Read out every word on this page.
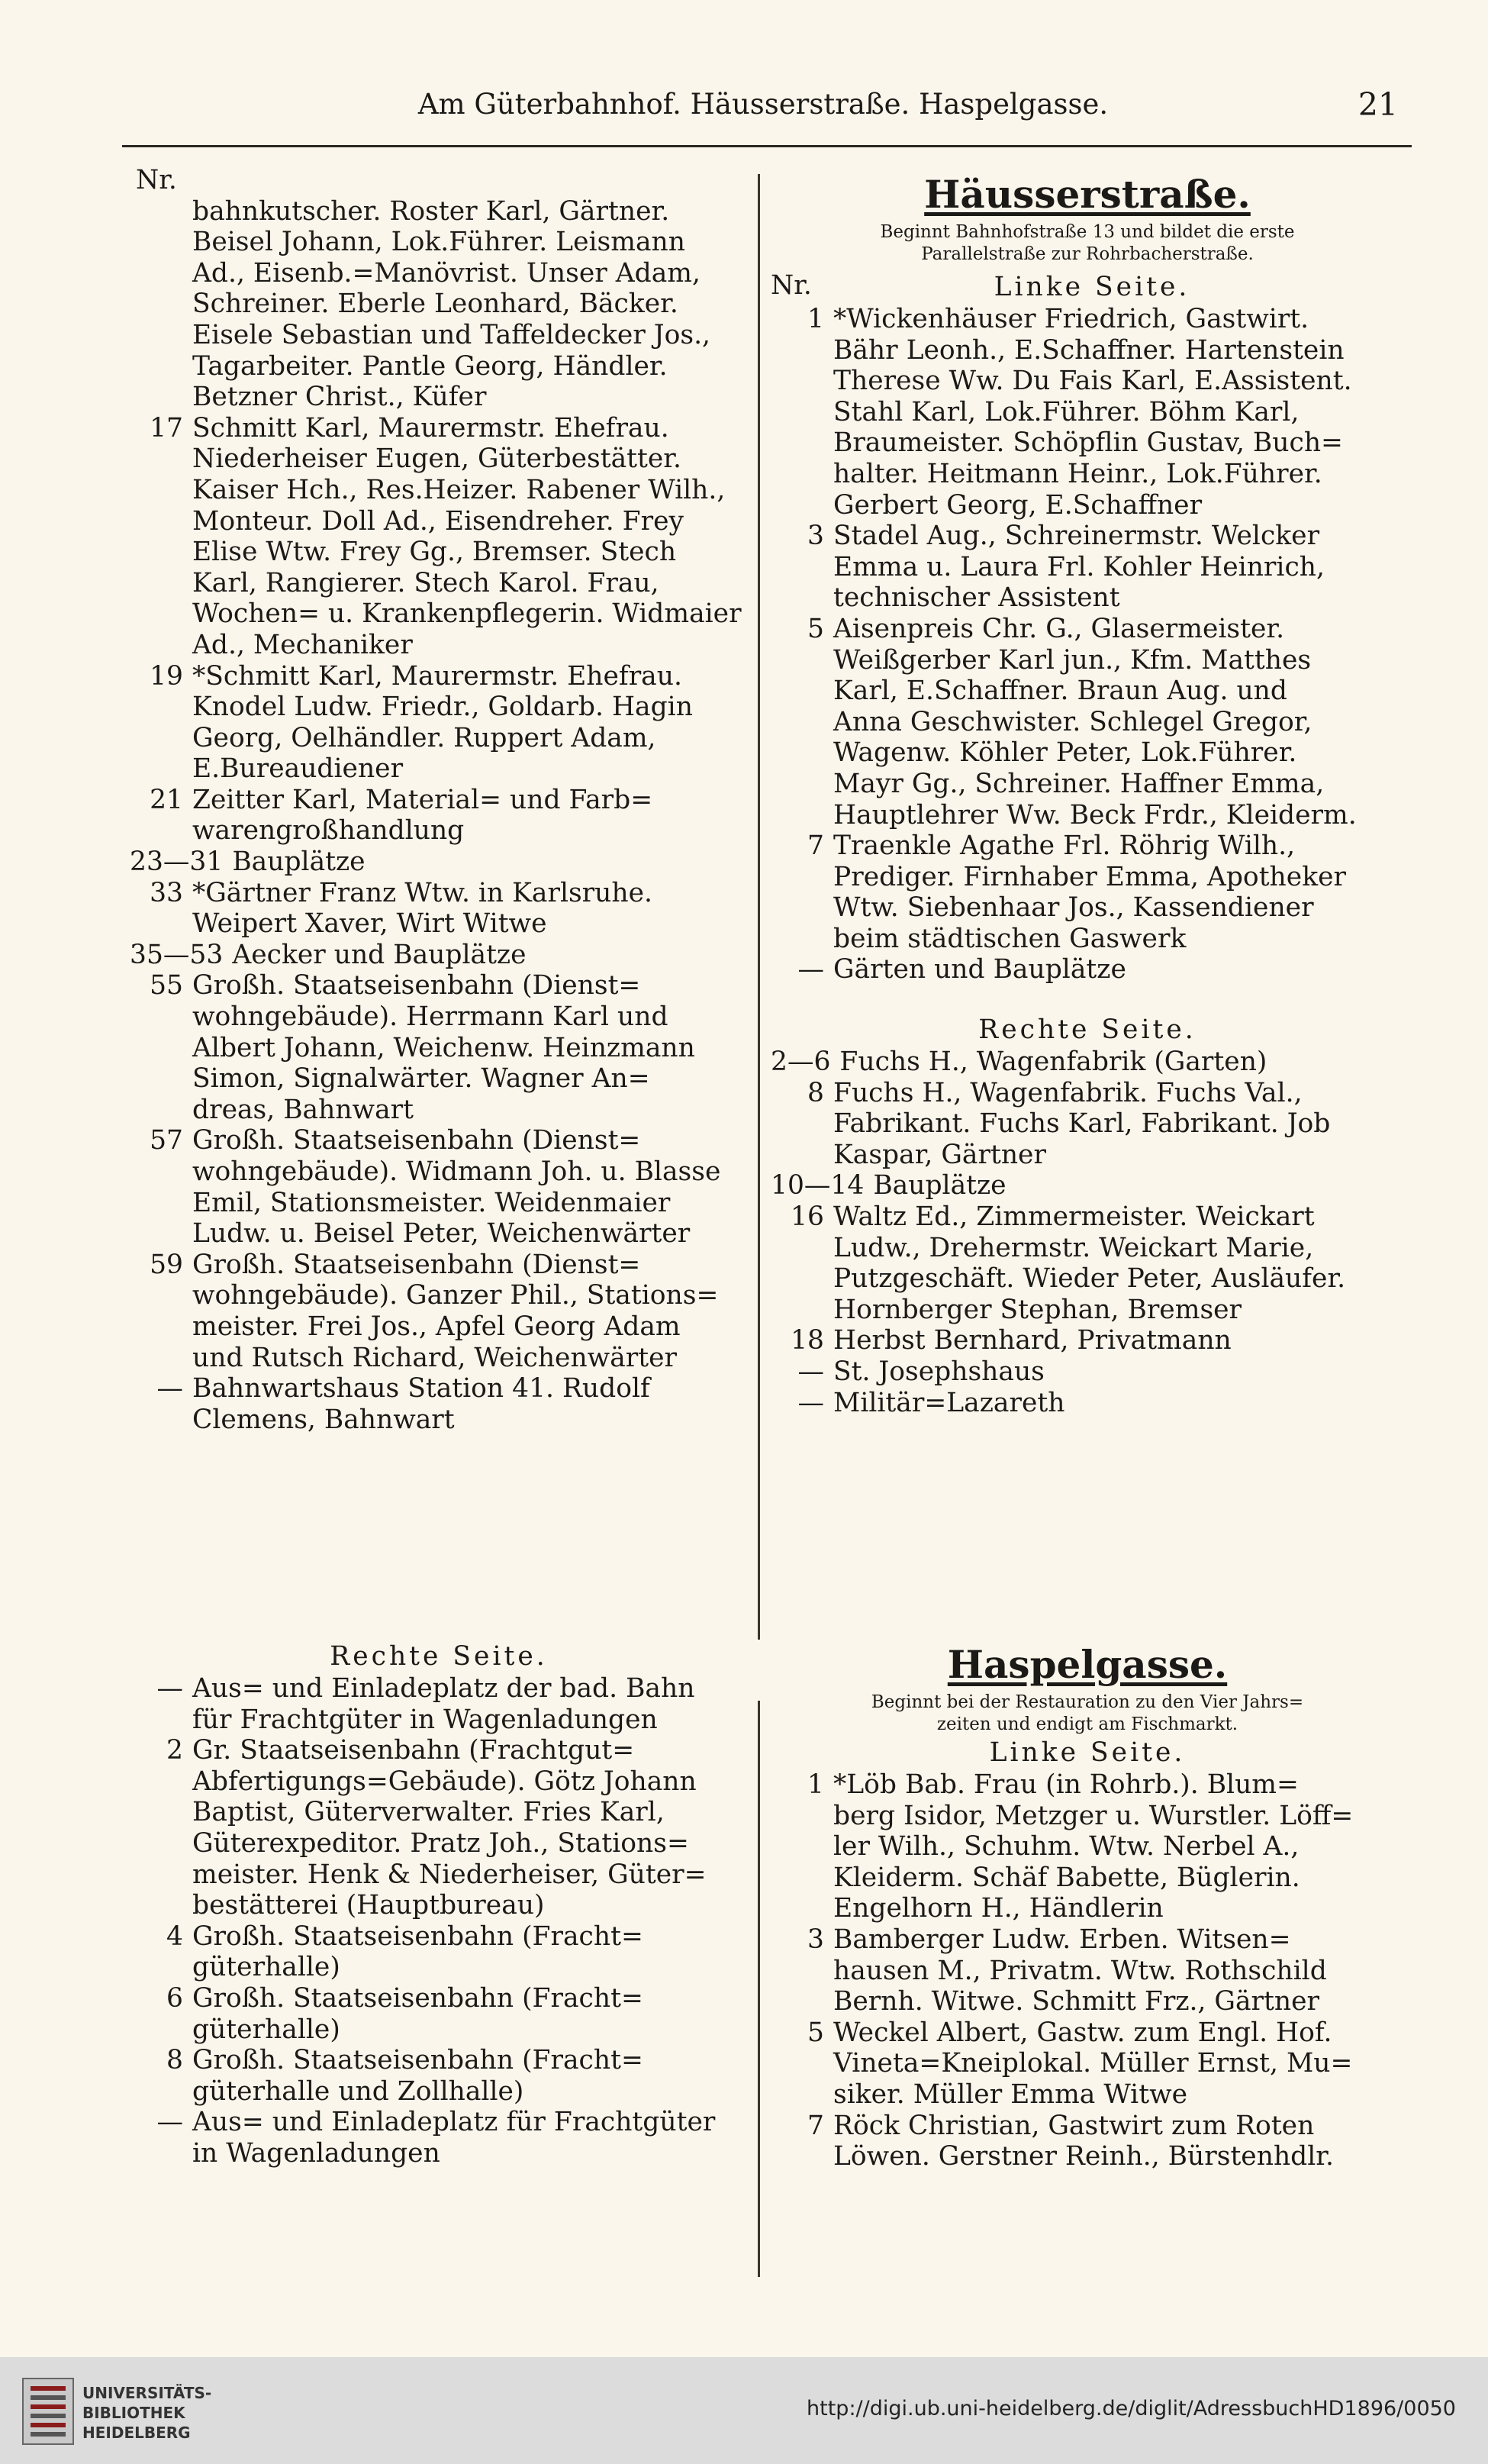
Am Güterbahnhof. Häusserstraße. Haspelgasse.	21
Nr.
bahnkutscher. Roster Karl, Gärtner.
Beisel Johann, Lok.Führer. Leismann
Ad., Eisenb.=Manövrist. Unser Adam,
Schreiner. Eberle Leonhard, Bäcker.
Eisele Sebastian und Taffeldecker Jos.,
Tagarbeiter. Pantle Georg, Händler.
Betzner Christ., Küfer
17 Schmitt Karl, Maurermstr. Ehefrau.
Niederheiser Eugen, Güterbestätter.
Kaiser Hch., Res.Heizer. Rabener Wilh.,
Monteur. Doll Ad., Eisendreher. Frey
Elise Wtw. Frey Gg., Bremser. Stech
Karl, Rangierer. Stech Karol. Frau,
Wochen= u. Krankenpflegerin. Widmaier
Ad., Mechaniker
19 *Schmitt Karl, Maurermstr. Ehefrau.
Knodel Ludw. Friedr., Goldarb. Hagin
Georg, Oelhändler. Ruppert Adam,
E.Bureaudiener
21 Zeitter Karl, Material= und Farb=
warengroßhandlung
23—31 Bauplätze
33 *Gärtner Franz Wtw. in Karlsruhe.
Weipert Xaver, Wirt Witwe
35—53 Aecker und Bauplätze
55 Großh. Staatseisenbahn (Dienst=
wohngebäude). Herrmann Karl und
Albert Johann, Weichenw. Heinzmann
Simon, Signalwärter. Wagner An=
dreas, Bahnwart
57 Großh. Staatseisenbahn (Dienst=
wohngebäude). Widmann Joh. u. Blasse
Emil, Stationsmeister. Weidenmaier
Ludw. u. Beisel Peter, Weichenwärter
59 Großh. Staatseisenbahn (Dienst=
wohngebäude). Ganzer Phil., Stations=
meister. Frei Jos., Apfel Georg Adam
und Rutsch Richard, Weichenwärter
— Bahnwartshaus Station 41. Rudolf
Clemens, Bahnwart
Rechte Seite.
— Aus= und Einladeplatz der bad. Bahn
für Frachtgüter in Wagenladungen
2 Gr. Staatseisenbahn (Frachtgut=
Abfertigungs=Gebäude). Götz Johann
Baptist, Güterverwalter. Fries Karl,
Güterexpeditor. Pratz Joh., Stations=
meister. Henk & Niederheiser, Güter=
bestätterei (Hauptbureau)
4 Großh. Staatseisenbahn (Fracht=
güterhalle)
6 Großh. Staatseisenbahn (Fracht=
güterhalle)
8 Großh. Staatseisenbahn (Fracht=
güterhalle und Zollhalle)
— Aus= und Einladeplatz für Frachtgüter
in Wagenladungen
Häusserstraße.
Beginnt Bahnhofstraße 13 und bildet die erste
Parallelstraße zur Rohrbacherstraße.
Nr.	Linke Seite.
1 *Wickenhäuser Friedrich, Gastwirt.
Bähr Leonh., E.Schaffner. Hartenstein
Therese Ww. Du Fais Karl, E.Assistent.
Stahl Karl, Lok.Führer. Böhm Karl,
Braumeister. Schöpflin Gustav, Buch=
halter. Heitmann Heinr., Lok.Führer.
Gerbert Georg, E.Schaffner
3 Stadel Aug., Schreinermstr. Welcker
Emma u. Laura Frl. Kohler Heinrich,
technischer Assistent
5 Aisenpreis Chr. G., Glasermeister.
Weißgerber Karl jun., Kfm. Matthes
Karl, E.Schaffner. Braun Aug. und
Anna Geschwister. Schlegel Gregor,
Wagenw. Köhler Peter, Lok.Führer.
Mayr Gg., Schreiner. Haffner Emma,
Hauptlehrer Ww. Beck Frdr., Kleiderm.
7 Traenkle Agathe Frl. Röhrig Wilh.,
Prediger. Firnhaber Emma, Apotheker
Wtw. Siebenhaar Jos., Kassendiener
beim städtischen Gaswerk
— Gärten und Bauplätze
Rechte Seite.
2—6 Fuchs H., Wagenfabrik (Garten)
8 Fuchs H., Wagenfabrik. Fuchs Val.,
Fabrikant. Fuchs Karl, Fabrikant. Job
Kaspar, Gärtner
10—14 Bauplätze
16 Waltz Ed., Zimmermeister. Weickart
Ludw., Drehermstr. Weickart Marie,
Putzgeschäft. Wieder Peter, Ausläufer.
Hornberger Stephan, Bremser
18 Herbst Bernhard, Privatmann
— St. Josephshaus
— Militär=Lazareth
Haspelgasse.
Beginnt bei der Restauration zu den Vier Jahrs=
zeiten und endigt am Fischmarkt.
Linke Seite.
1 *Löb Bab. Frau (in Rohrb.). Blum=
berg Isidor, Metzger u. Wurstler. Löff=
ler Wilh., Schuhm. Wtw. Nerbel A.,
Kleiderm. Schäf Babette, Büglerin.
Engelhorn H., Händlerin
3 Bamberger Ludw. Erben. Witsen=
hausen M., Privatm. Wtw. Rothschild
Bernh. Witwe. Schmitt Frz., Gärtner
5 Weckel Albert, Gastw. zum Engl. Hof.
Vineta=Kneiplokal. Müller Ernst, Mu=
siker. Müller Emma Witwe
7 Röck Christian, Gastwirt zum Roten
Löwen. Gerstner Reinh., Bürstenhdlr.
UNIVERSITÄTS-
BIBLIOTHEK
HEIDELBERG
http://digi.ub.uni-heidelberg.de/diglit/AdressbuchHD1896/0050
